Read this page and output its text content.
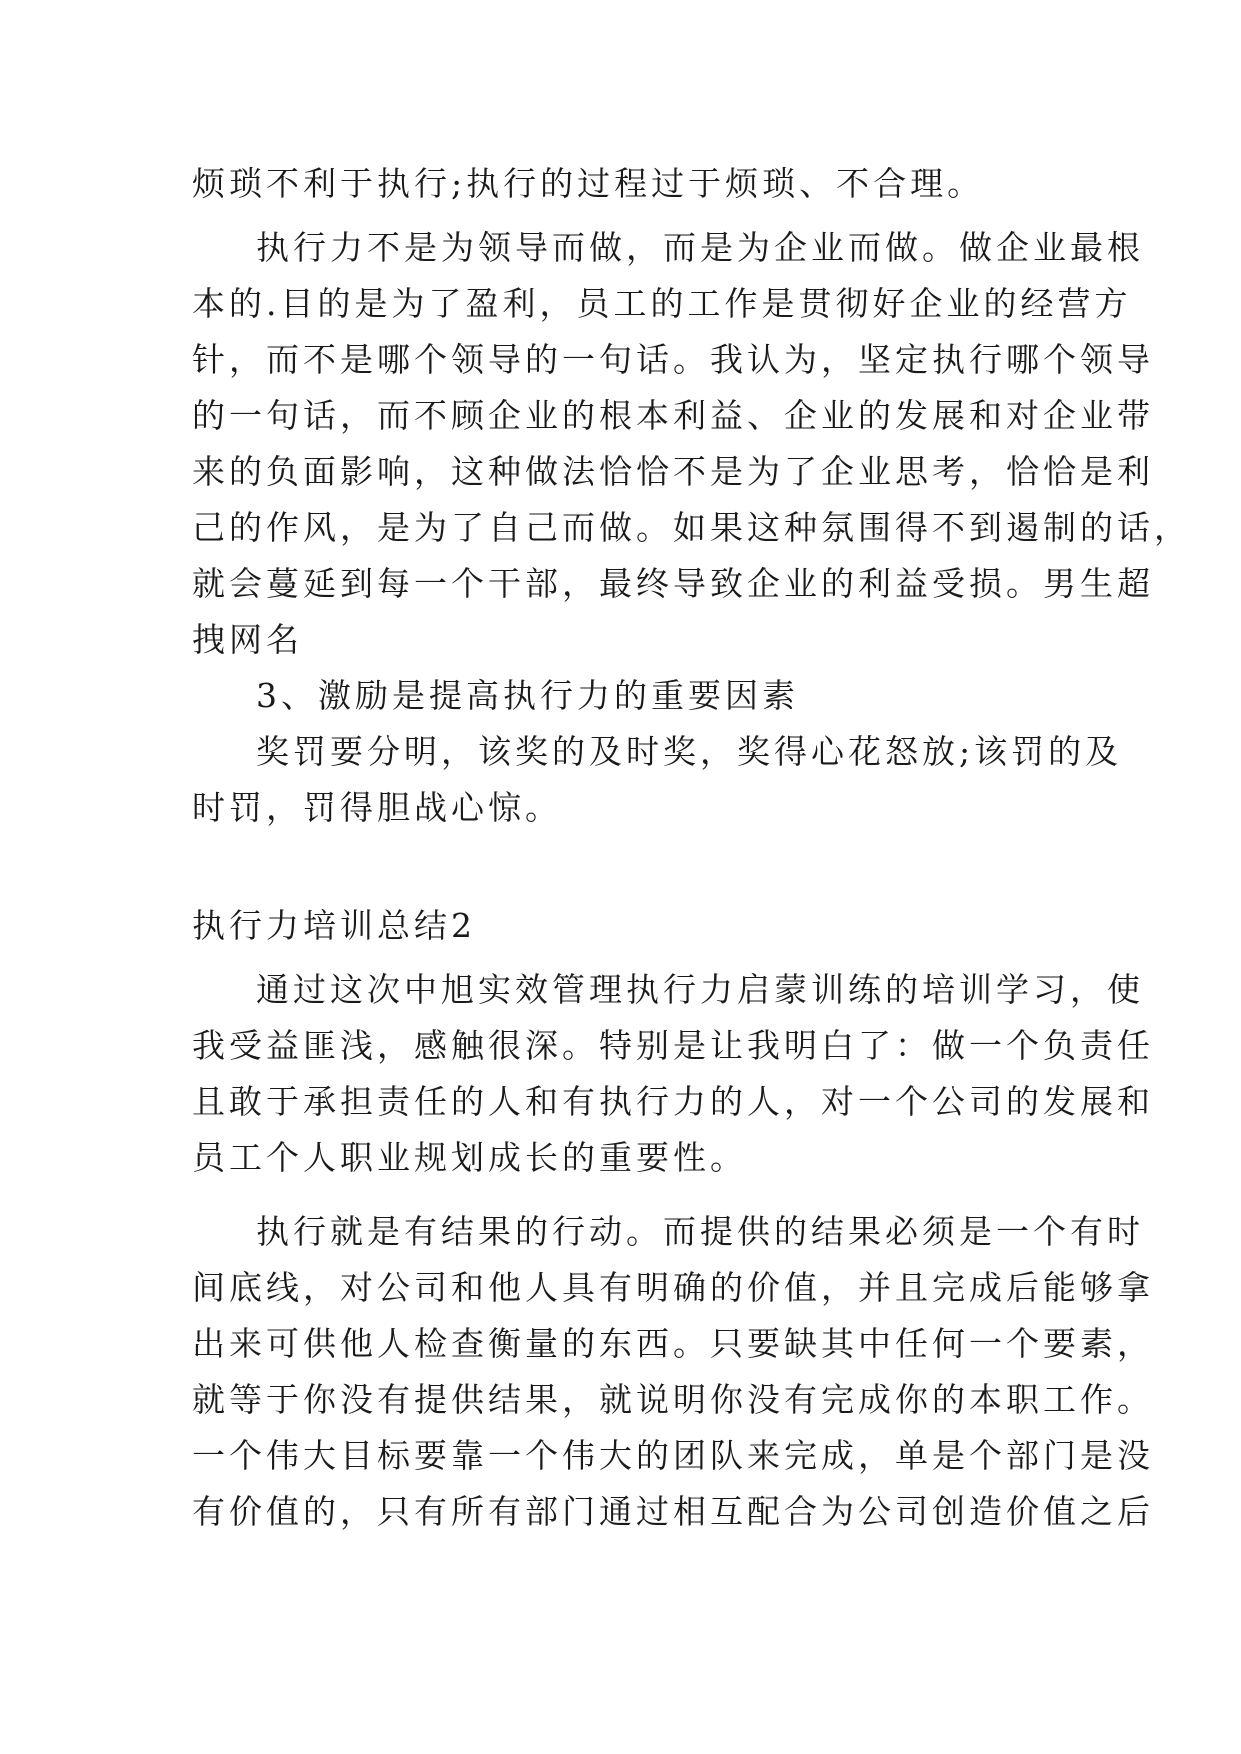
烦琐不利于执行;执行的过程过于烦琐、不合理。
执行力不是为领导而做，而是为企业而做。做企业最根
本的.目的是为了盈利，员工的工作是贯彻好企业的经营方
针，而不是哪个领导的一句话。我认为，坚定执行哪个领导
的一句话，而不顾企业的根本利益、企业的发展和对企业带
来的负面影响，这种做法恰恰不是为了企业思考，恰恰是利
己的作风，是为了自己而做。如果这种氛围得不到遏制的话，
就会蔓延到每一个干部，最终导致企业的利益受损。男生超
拽网名
3、激励是提高执行力的重要因素
奖罚要分明，该奖的及时奖，奖得心花怒放;该罚的及
时罚，罚得胆战心惊。
执行力培训总结2
通过这次中旭实效管理执行力启蒙训练的培训学习，使
我受益匪浅，感触很深。特别是让我明白了：做一个负责任
且敢于承担责任的人和有执行力的人，对一个公司的发展和
员工个人职业规划成长的重要性。
执行就是有结果的行动。而提供的结果必须是一个有时
间底线，对公司和他人具有明确的价值，并且完成后能够拿
出来可供他人检查衡量的东西。只要缺其中任何一个要素，
就等于你没有提供结果，就说明你没有完成你的本职工作。
一个伟大目标要靠一个伟大的团队来完成，单是个部门是没
有价值的，只有所有部门通过相互配合为公司创造价值之后
